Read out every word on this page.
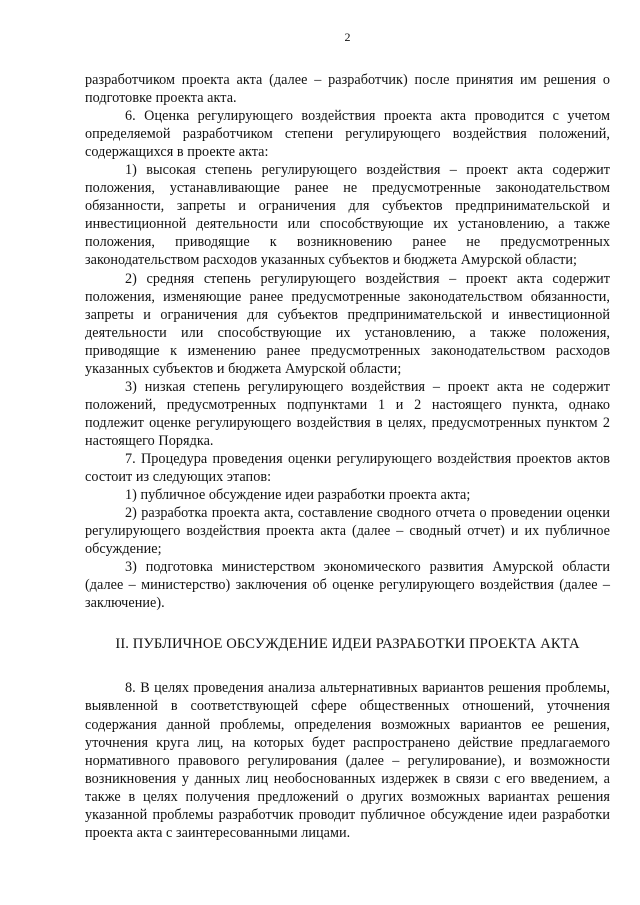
2

разработчиком проекта акта (далее – разработчик) после принятия им решения о подготовке проекта акта.

6. Оценка регулирующего воздействия проекта акта проводится с учетом определяемой разработчиком степени регулирующего воздействия положений, содержащихся в проекте акта:

1) высокая степень регулирующего воздействия – проект акта содержит положения, устанавливающие ранее не предусмотренные законодательством обязанности, запреты и ограничения для субъектов предпринимательской и инвестиционной деятельности или способствующие их установлению, а также положения, приводящие к возникновению ранее не предусмотренных законодательством расходов указанных субъектов и бюджета Амурской области;

2) средняя степень регулирующего воздействия – проект акта содержит положения, изменяющие ранее предусмотренные законодательством обязанности, запреты и ограничения для субъектов предпринимательской и инвестиционной деятельности или способствующие их установлению, а также положения, приводящие к изменению ранее предусмотренных законодательством расходов указанных субъектов и бюджета Амурской области;

3) низкая степень регулирующего воздействия – проект акта не содержит положений, предусмотренных подпунктами 1 и 2 настоящего пункта, однако подлежит оценке регулирующего воздействия в целях, предусмотренных пунктом 2 настоящего Порядка.

7. Процедура проведения оценки регулирующего воздействия проектов актов состоит из следующих этапов:

1) публичное обсуждение идеи разработки проекта акта;

2) разработка проекта акта, составление сводного отчета о проведении оценки регулирующего воздействия проекта акта (далее – сводный отчет) и их публичное обсуждение;

3) подготовка министерством экономического развития Амурской области (далее – министерство) заключения об оценке регулирующего воздействия (далее – заключение).

II. ПУБЛИЧНОЕ ОБСУЖДЕНИЕ ИДЕИ РАЗРАБОТКИ ПРОЕКТА АКТА

8. В целях проведения анализа альтернативных вариантов решения проблемы, выявленной в соответствующей сфере общественных отношений, уточнения содержания данной проблемы, определения возможных вариантов ее решения, уточнения круга лиц, на которых будет распространено действие предлагаемого нормативного правового регулирования (далее – регулирование), и возможности возникновения у данных лиц необоснованных издержек в связи с его введением, а также в целях получения предложений о других возможных вариантах решения указанной проблемы разработчик проводит публичное обсуждение идеи разработки проекта акта с заинтересованными лицами.
